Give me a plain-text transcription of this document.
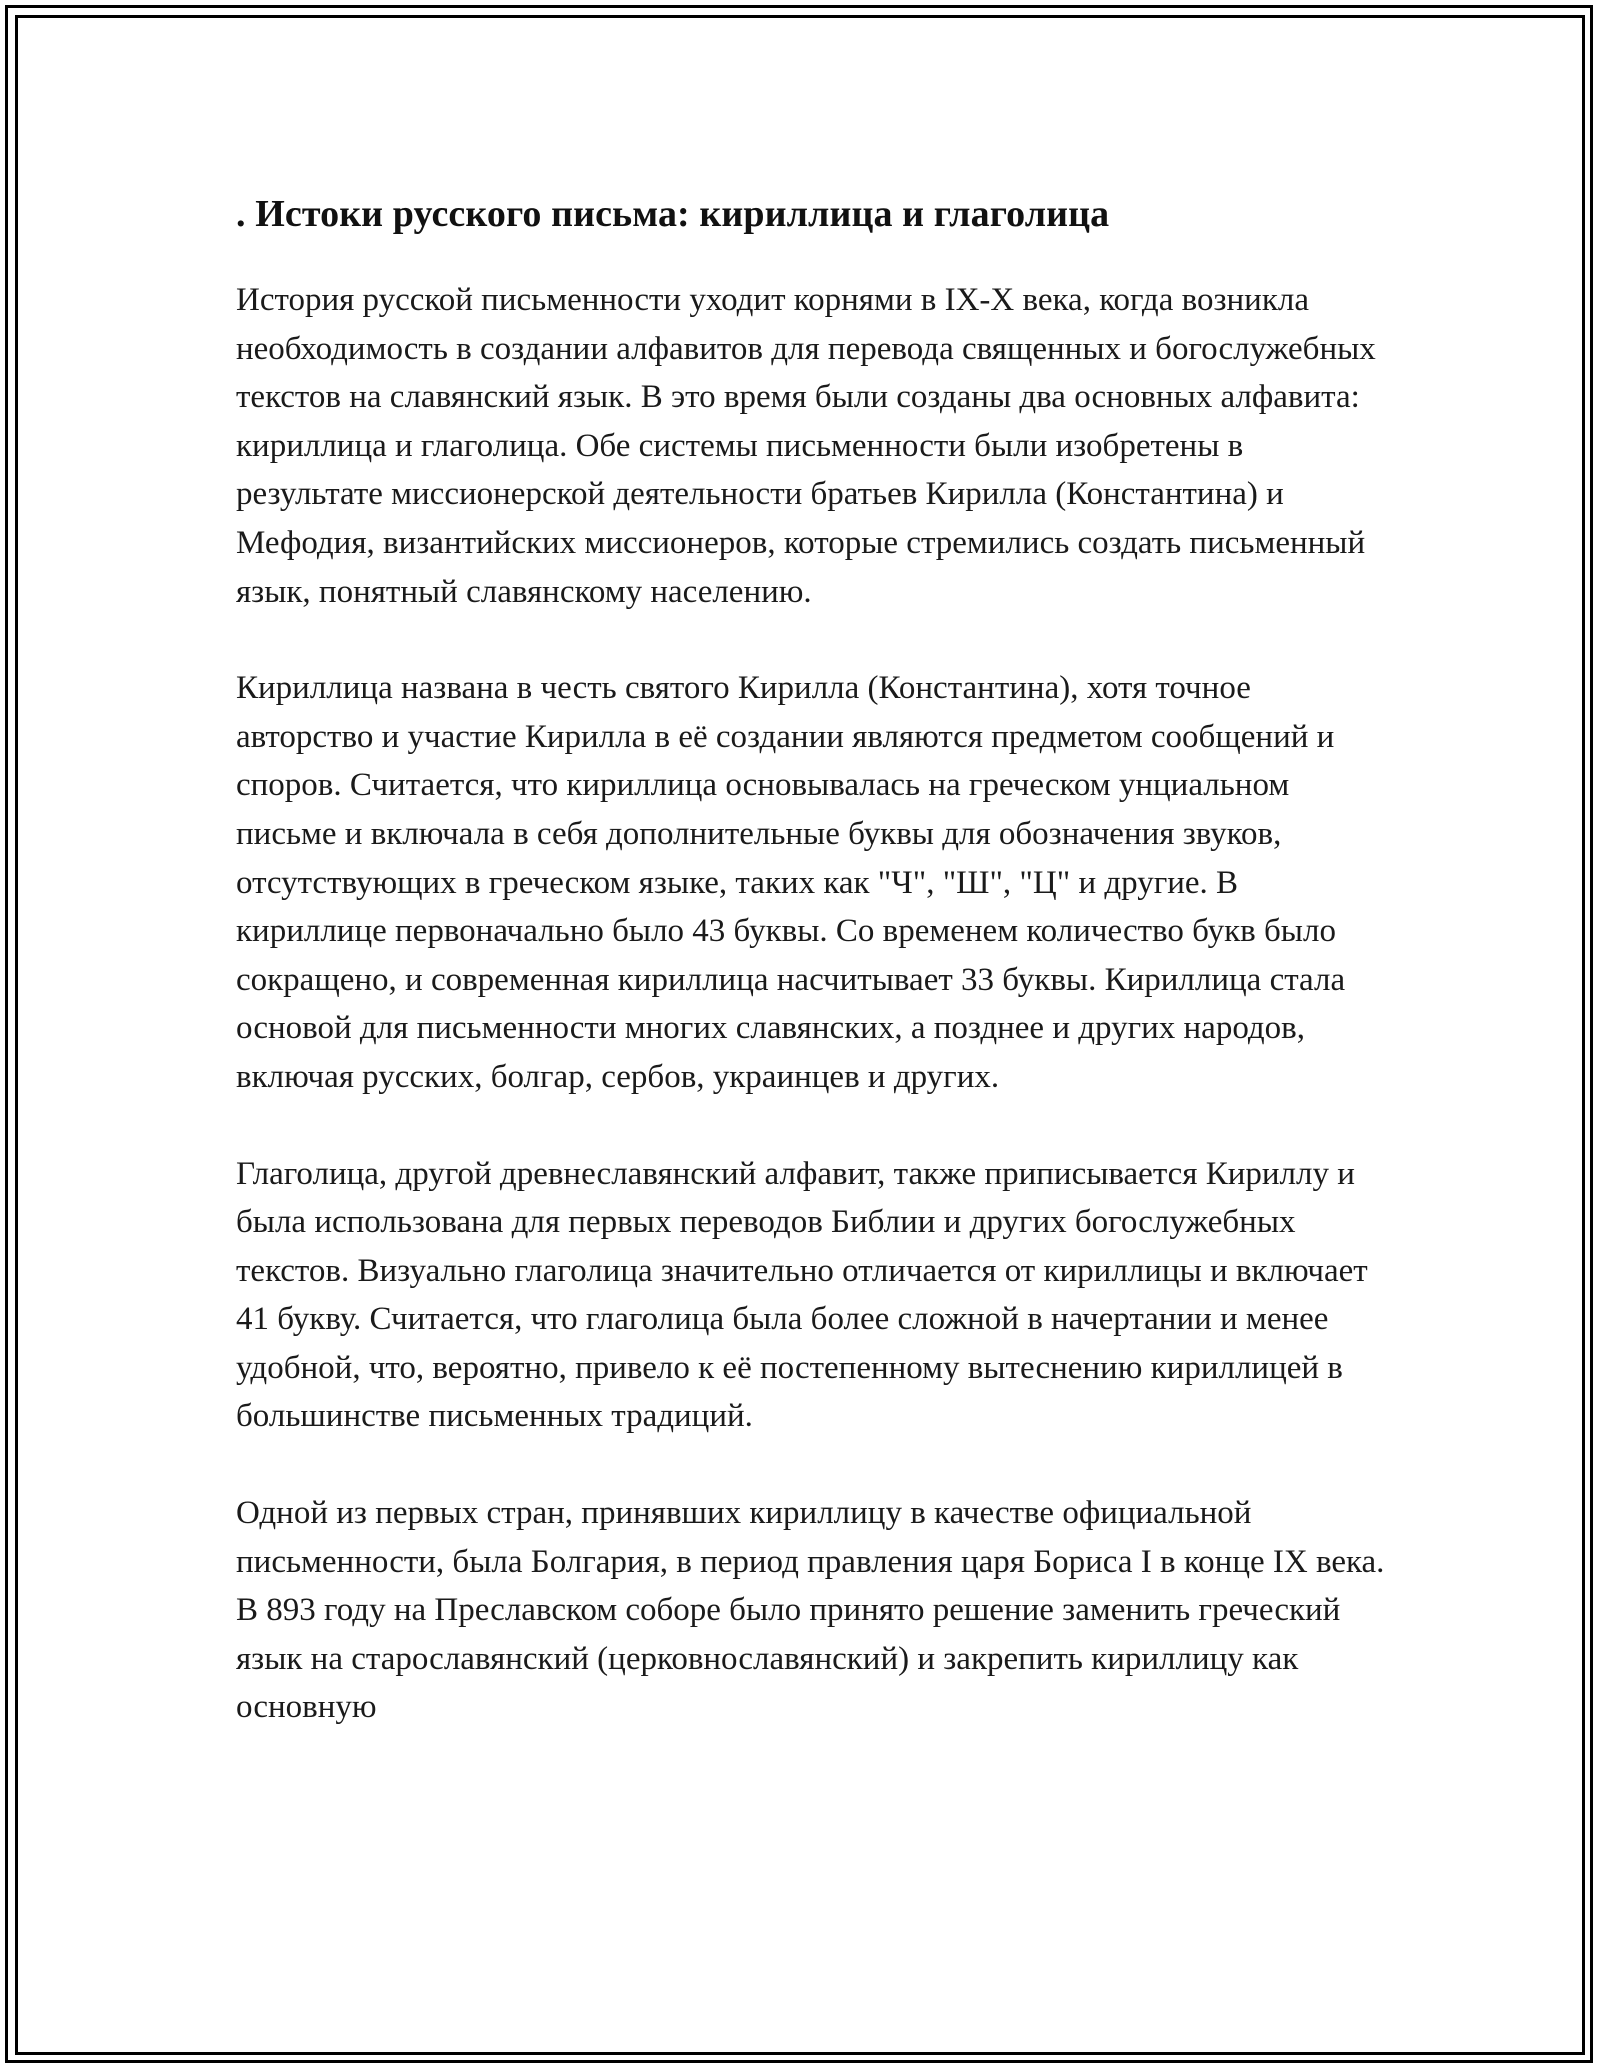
. Истоки русского письма: кириллица и глаголица

История русской письменности уходит корнями в IX-X века, когда возникла необходимость в создании алфавитов для перевода священных и богослужебных текстов на славянский язык. В это время были созданы два основных алфавита: кириллица и глаголица. Обе системы письменности были изобретены в результате миссионерской деятельности братьев Кирилла (Константина) и Мефодия, византийских миссионеров, которые стремились создать письменный язык, понятный славянскому населению.

Кириллица названа в честь святого Кирилла (Константина), хотя точное авторство и участие Кирилла в её создании являются предметом сообщений и споров. Считается, что кириллица основывалась на греческом унциальном письме и включала в себя дополнительные буквы для обозначения звуков, отсутствующих в греческом языке, таких как "Ч", "Ш", "Ц" и другие. В кириллице первоначально было 43 буквы. Со временем количество букв было сокращено, и современная кириллица насчитывает 33 буквы. Кириллица стала основой для письменности многих славянских, а позднее и других народов, включая русских, болгар, сербов, украинцев и других.

Глаголица, другой древнеславянский алфавит, также приписывается Кириллу и была использована для первых переводов Библии и других богослужебных текстов. Визуально глаголица значительно отличается от кириллицы и включает 41 букву. Считается, что глаголица была более сложной в начертании и менее удобной, что, вероятно, привело к её постепенному вытеснению кириллицей в большинстве письменных традиций.

Одной из первых стран, принявших кириллицу в качестве официальной письменности, была Болгария, в период правления царя Бориса I в конце IX века. В 893 году на Преславском соборе было принято решение заменить греческий язык на старославянский (церковнославянский) и закрепить кириллицу как основную
